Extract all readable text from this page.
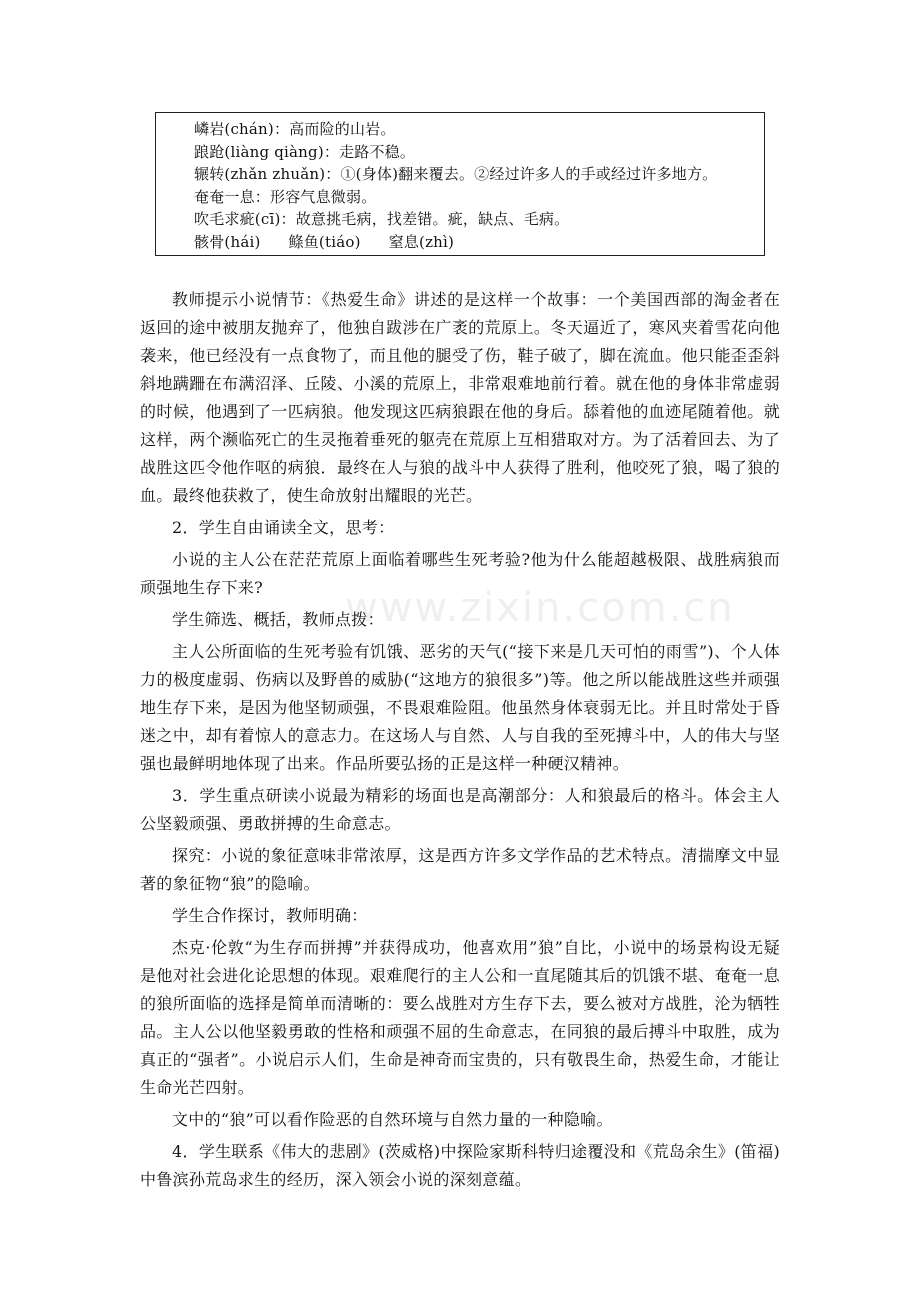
嶙岩(chán)：高而险的山岩。
踉跄(liàng qiàng)：走路不稳。
辗转(zhǎn zhuǎn)：①(身体)翻来覆去。②经过许多人的手或经过许多地方。
奄奄一息：形容气息微弱。
吹毛求疵(cī)：故意挑毛病，找差错。疵，缺点、毛病。
骸骨(hái) 鲦鱼(tiáo) 窒息(zhì)
www.zixin.com.cn

教师提示小说情节：《热爱生命》讲述的是这样一个故事：一个美国西部的淘金者在返回的途中被朋友抛弃了，他独自跋涉在广袤的荒原上。冬天逼近了，寒风夹着雪花向他袭来，他已经没有一点食物了，而且他的腿受了伤，鞋子破了，脚在流血。他只能歪歪斜斜地蹒跚在布满沼泽、丘陵、小溪的荒原上，非常艰难地前行着。就在他的身体非常虚弱的时候，他遇到了一匹病狼。他发现这匹病狼跟在他的身后。舔着他的血迹尾随着他。就这样，两个濒临死亡的生灵拖着垂死的躯壳在荒原上互相猎取对方。为了活着回去、为了战胜这匹令他作呕的病狼．最终在人与狼的战斗中人获得了胜利，他咬死了狼，喝了狼的血。最终他获救了，使生命放射出耀眼的光芒。

2．学生自由诵读全文，思考：

小说的主人公在茫茫荒原上面临着哪些生死考验?他为什么能超越极限、战胜病狼而顽强地生存下来?

学生筛选、概括，教师点拨：

主人公所面临的生死考验有饥饿、恶劣的天气(“接下来是几天可怕的雨雪”)、个人体力的极度虚弱、伤病以及野兽的威胁(“这地方的狼很多”)等。他之所以能战胜这些并顽强地生存下来，是因为他坚韧顽强，不畏艰难险阻。他虽然身体衰弱无比。并且时常处于昏迷之中，却有着惊人的意志力。在这场人与自然、人与自我的至死搏斗中，人的伟大与坚强也最鲜明地体现了出来。作品所要弘扬的正是这样一种硬汉精神。

3．学生重点研读小说最为精彩的场面也是高潮部分：人和狼最后的格斗。体会主人公坚毅顽强、勇敢拼搏的生命意志。

探究：小说的象征意味非常浓厚，这是西方许多文学作品的艺术特点。清揣摩文中显著的象征物“狼”的隐喻。

学生合作探讨，教师明确：

杰克·伦敦“为生存而拼搏”并获得成功，他喜欢用”狼”自比，小说中的场景构设无疑是他对社会进化论思想的体现。艰难爬行的主人公和一直尾随其后的饥饿不堪、奄奄一息的狼所面临的选择是简单而清晰的：要么战胜对方生存下去，要么被对方战胜，沦为牺牲品。主人公以他坚毅勇敢的性格和顽强不屈的生命意志，在同狼的最后搏斗中取胜，成为真正的“强者”。小说启示人们，生命是神奇而宝贵的，只有敬畏生命，热爱生命，才能让生命光芒四射。

文中的“狼”可以看作险恶的自然环境与自然力量的一种隐喻。

4．学生联系《伟大的悲剧》(茨威格)中探险家斯科特归途覆没和《荒岛余生》(笛福)中鲁滨孙荒岛求生的经历，深入领会小说的深刻意蕴。
